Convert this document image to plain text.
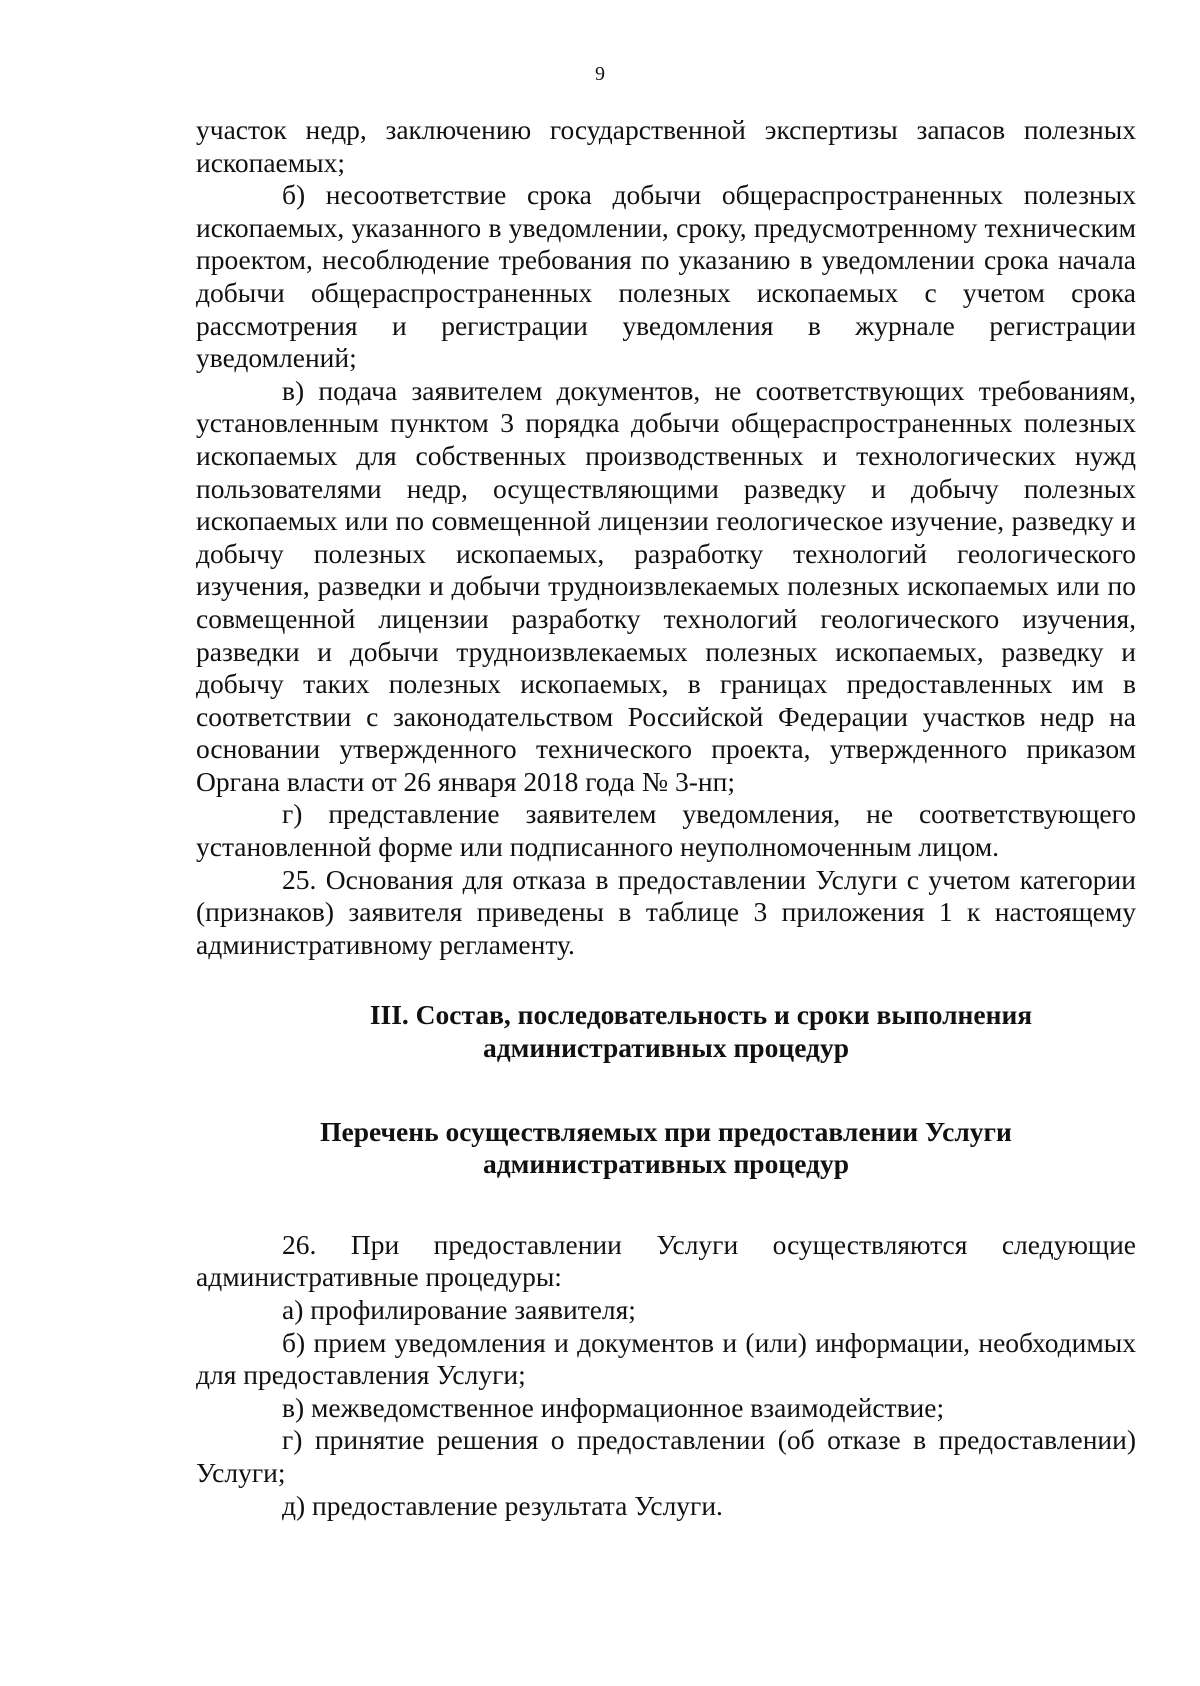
9

участок недр, заключению государственной экспертизы запасов полезных ископаемых;

б) несоответствие срока добычи общераспространенных полезных ископаемых, указанного в уведомлении, сроку, предусмотренному техническим проектом, несоблюдение требования по указанию в уведомлении срока начала добычи общераспространенных полезных ископаемых с учетом срока рассмотрения и регистрации уведомления в журнале регистрации уведомлений;

в) подача заявителем документов, не соответствующих требованиям, установленным пунктом 3 порядка добычи общераспространенных полезных ископаемых для собственных производственных и технологических нужд пользователями недр, осуществляющими разведку и добычу полезных ископаемых или по совмещенной лицензии геологическое изучение, разведку и добычу полезных ископаемых, разработку технологий геологического изучения, разведки и добычи трудноизвлекаемых полезных ископаемых или по совмещенной лицензии разработку технологий геологического изучения, разведки и добычи трудноизвлекаемых полезных ископаемых, разведку и добычу таких полезных ископаемых, в границах предоставленных им в соответствии с законодательством Российской Федерации участков недр на основании утвержденного технического проекта, утвержденного приказом Органа власти от 26 января 2018 года № 3-нп;

г) представление заявителем уведомления, не соответствующего установленной форме или подписанного неуполномоченным лицом.

25. Основания для отказа в предоставлении Услуги с учетом категории (признаков) заявителя приведены в таблице 3 приложения 1 к настоящему административному регламенту.

III. Состав, последовательность и сроки выполнения

административных процедур

Перечень осуществляемых при предоставлении Услуги

административных процедур

26. При предоставлении Услуги осуществляются следующие административные процедуры:

а) профилирование заявителя;

б) прием уведомления и документов и (или) информации, необходимых для предоставления Услуги;

в) межведомственное информационное взаимодействие;

г) принятие решения о предоставлении (об отказе в предоставлении) Услуги;

д) предоставление результата Услуги.
